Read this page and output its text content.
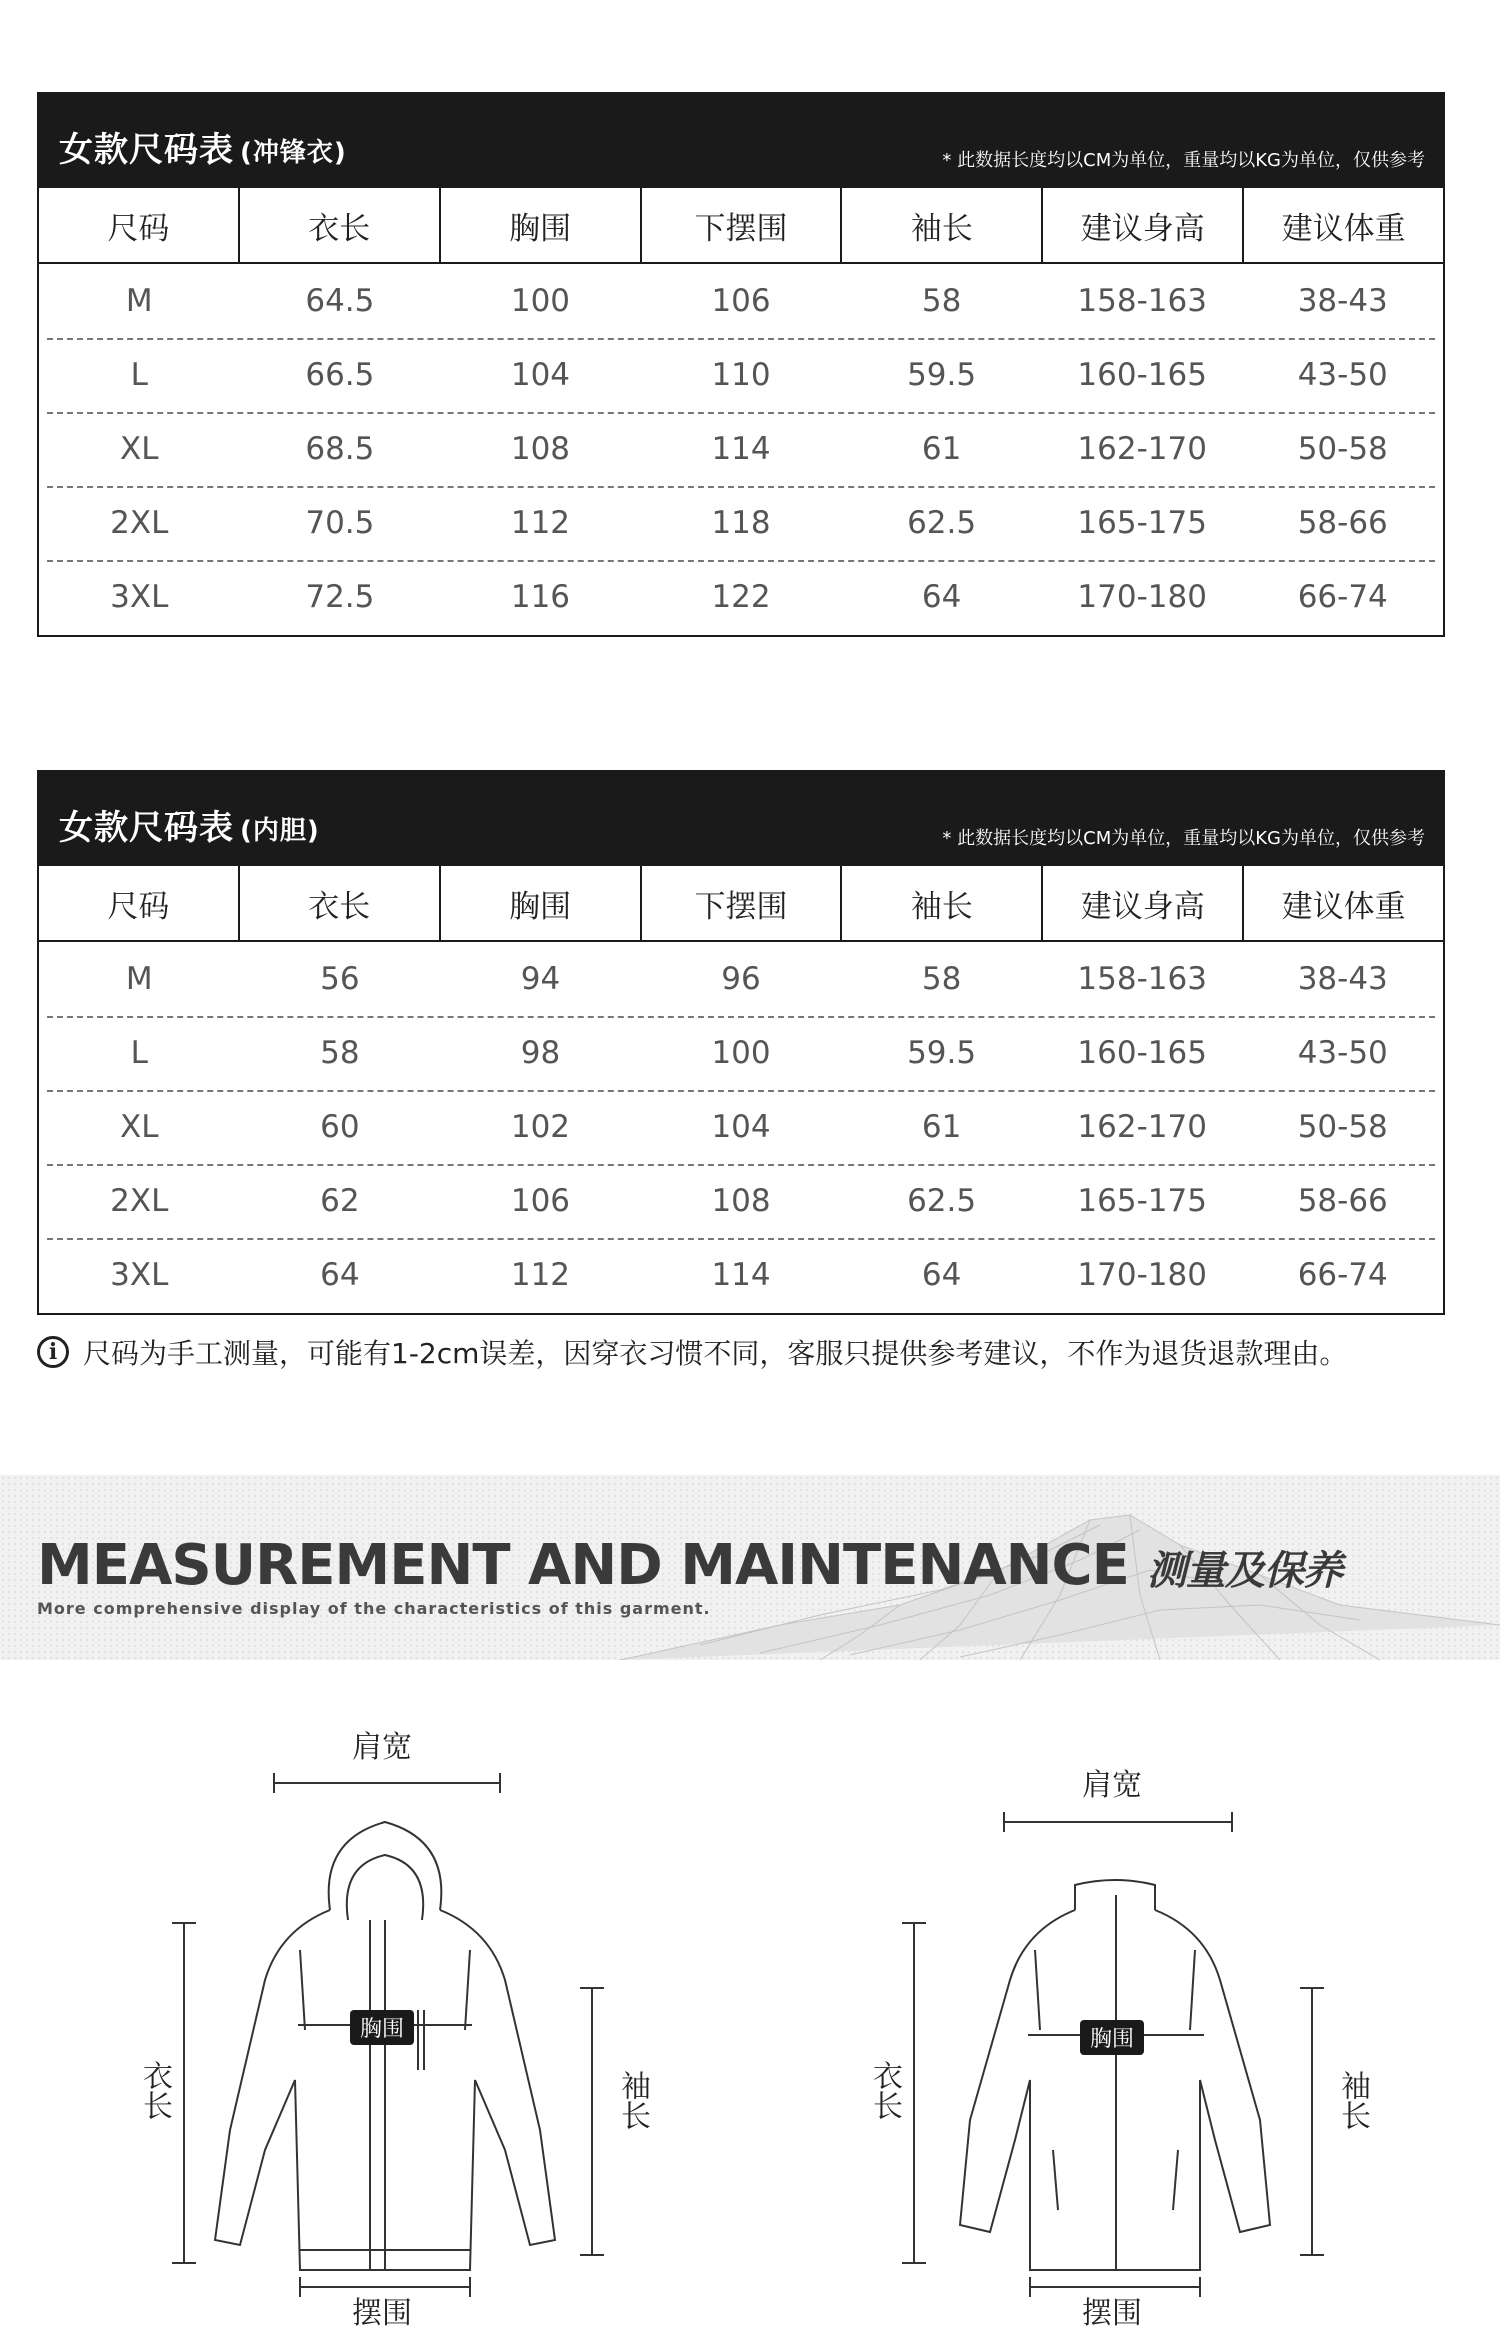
女款尺码表 (冲锋衣)	* 此数据长度均以CM为单位，重量均以KG为单位，仅供参考
尺码	衣长	胸围	下摆围	袖长	建议身高	建议体重
M	64.5	100	106	58	158-163	38-43
L	66.5	104	110	59.5	160-165	43-50
XL	68.5	108	114	61	162-170	50-58
2XL	70.5	112	118	62.5	165-175	58-66
3XL	72.5	116	122	64	170-180	66-74
女款尺码表 (内胆)	* 此数据长度均以CM为单位，重量均以KG为单位，仅供参考
尺码	衣长	胸围	下摆围	袖长	建议身高	建议体重
M	56	94	96	58	158-163	38-43
L	58	98	100	59.5	160-165	43-50
XL	60	102	104	61	162-170	50-58
2XL	62	106	108	62.5	165-175	58-66
3XL	64	112	114	64	170-180	66-74
i 尺码为手工测量，可能有1-2cm误差，因穿衣习惯不同，客服只提供参考建议，不作为退货退款理由。
MEASUREMENT AND MAINTENANCE 测量及保养
More comprehensive display of the characteristics of this garment.
肩宽
衣长	袖长
摆围
胸围
肩宽
衣长	袖长
摆围
胸围
